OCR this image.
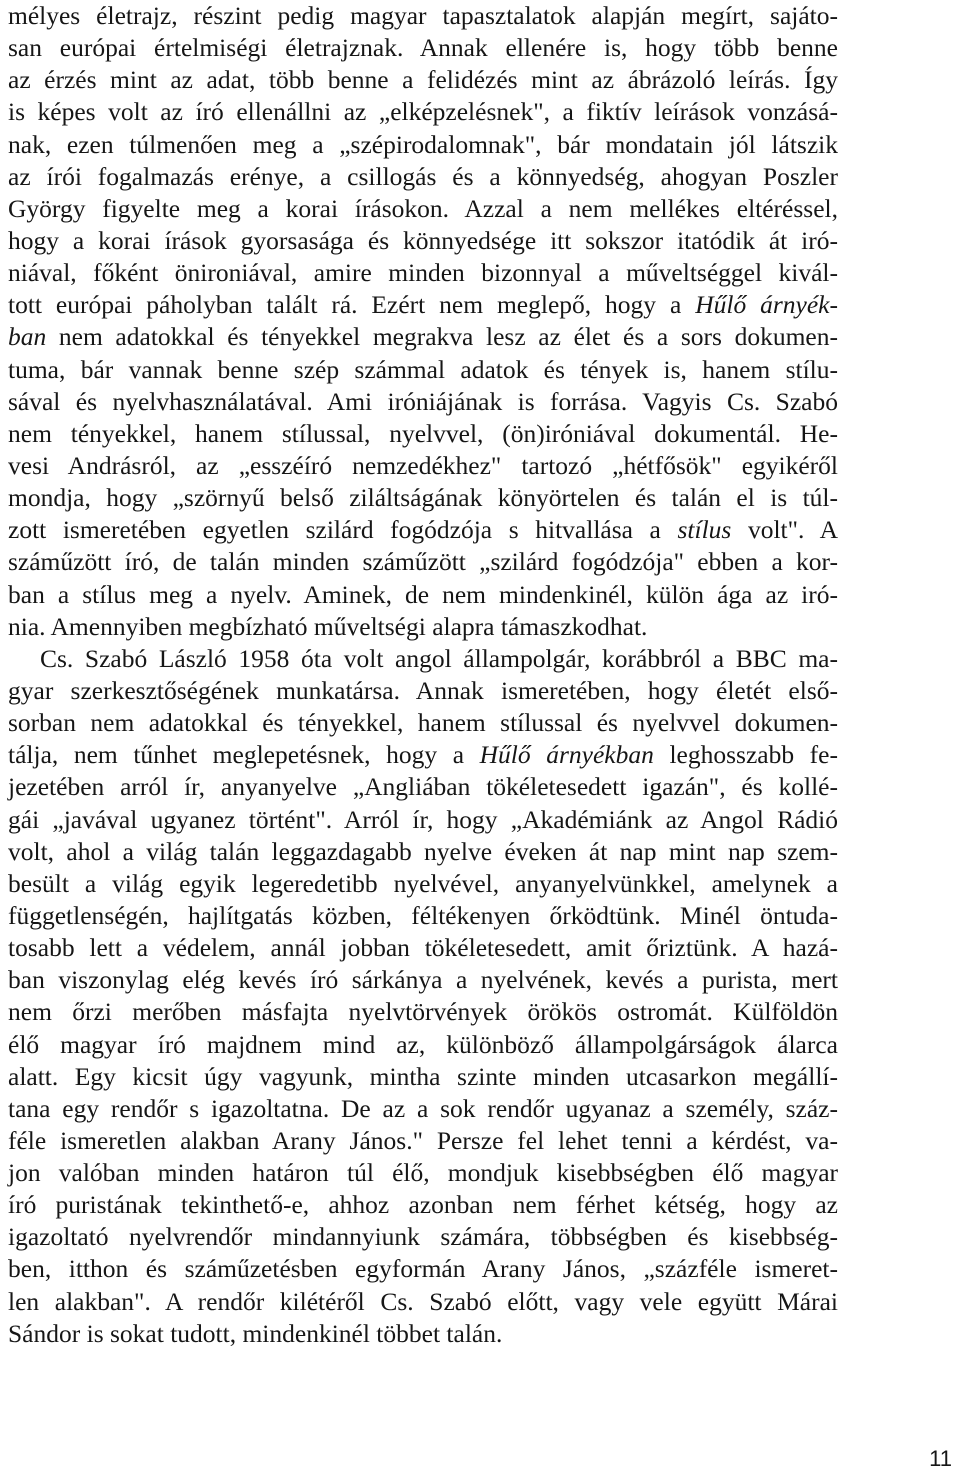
mélyes életrajz, részint pedig magyar tapasztalatok alapján megírt, sajáto-
san európai értelmiségi életrajznak. Annak ellenére is, hogy több benne
az érzés mint az adat, több benne a felidézés mint az ábrázoló leírás. Így
is képes volt az író ellenállni az „elképzelésnek", a fiktív leírások vonzásá-
nak, ezen túlmenően meg a „szépirodalomnak", bár mondatain jól látszik
az írói fogalmazás erénye, a csillogás és a könnyedség, ahogyan Poszler
György figyelte meg a korai írásokon. Azzal a nem mellékes eltéréssel,
hogy a korai írások gyorsasága és könnyedsége itt sokszor itatódik át iró-
niával, főként önironiával, amire minden bizonnyal a műveltséggel kivál-
tott európai páholyban talált rá. Ezért nem meglepő, hogy a Hűlő árnyék-
ban nem adatokkal és tényekkel megrakva lesz az élet és a sors dokumen-
tuma, bár vannak benne szép számmal adatok és tények is, hanem stílu-
sával és nyelvhasználatával. Ami iróniájának is forrása. Vagyis Cs. Szabó
nem tényekkel, hanem stílussal, nyelvvel, (ön)iróniával dokumentál. He-
vesi Andrásról, az „esszéíró nemzedékhez" tartozó „hétfősök" egyikéről
mondja, hogy „szörnyű belső ziláltságának könyörtelen és talán el is túl-
zott ismeretében egyetlen szilárd fogódzója s hitvallása a stílus volt". A
száműzött író, de talán minden száműzött „szilárd fogódzója" ebben a kor-
ban a stílus meg a nyelv. Aminek, de nem mindenkinél, külön ága az iró-
nia. Amennyiben megbízható műveltségi alapra támaszkodhat.
Cs. Szabó László 1958 óta volt angol állampolgár, korábbról a BBC ma-
gyar szerkesztőségének munkatársa. Annak ismeretében, hogy életét első-
sorban nem adatokkal és tényekkel, hanem stílussal és nyelvvel dokumen-
tálja, nem tűnhet meglepetésnek, hogy a Hűlő árnyékban leghosszabb fe-
jezetében arról ír, anyanyelve „Angliában tökéletesedett igazán", és kollé-
gái „javával ugyanez történt". Arról ír, hogy „Akadémiánk az Angol Rádió
volt, ahol a világ talán leggazdagabb nyelve éveken át nap mint nap szem-
besült a világ egyik legeredetibb nyelvével, anyanyelvünkkel, amelynek a
függetlenségén, hajlítgatás közben, féltékenyen őrködtünk. Minél öntuda-
tosabb lett a védelem, annál jobban tökéletesedett, amit őriztünk. A hazá-
ban viszonylag elég kevés író sárkánya a nyelvének, kevés a purista, mert
nem őrzi merőben másfajta nyelvtörvények örökös ostromát. Külföldön
élő magyar író majdnem mind az, különböző állampolgárságok álarca
alatt. Egy kicsit úgy vagyunk, mintha szinte minden utcasarkon megállí-
tana egy rendőr s igazoltatna. De az a sok rendőr ugyanaz a személy, száz-
féle ismeretlen alakban Arany János." Persze fel lehet tenni a kérdést, va-
jon valóban minden határon túl élő, mondjuk kisebbségben élő magyar
író puristának tekinthető-e, ahhoz azonban nem férhet kétség, hogy az
igazoltató nyelvrendőr mindannyiunk számára, többségben és kisebbség-
ben, itthon és száműzetésben egyformán Arany János, „százféle ismeret-
len alakban". A rendőr kilétéről Cs. Szabó előtt, vagy vele együtt Márai
Sándor is sokat tudott, mindenkinél többet talán.
11
